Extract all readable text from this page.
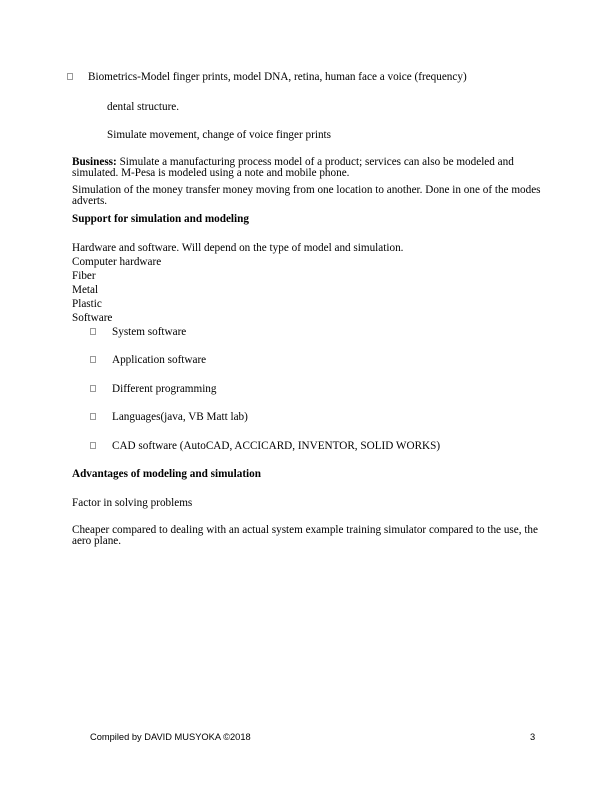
Biometrics-Model finger prints, model DNA, retina, human face a voice (frequency)
dental structure.
Simulate movement, change of voice finger prints
Business: Simulate a manufacturing process model of a product; services can also be modeled and simulated. M-Pesa is modeled using a note and mobile phone.
Simulation of the money transfer money moving from one location to another. Done in one of the modes adverts.
Support for simulation and modeling
Hardware and software. Will depend on the type of model and simulation.
Computer hardware
Fiber
Metal
Plastic
Software
System software
Application software
Different programming
Languages(java, VB Matt lab)
CAD software (AutoCAD, ACCICARD, INVENTOR, SOLID WORKS)
Advantages of modeling and simulation
Factor in solving problems
Cheaper compared to dealing with an actual system example training simulator compared to the use, the aero plane.
Compiled by DAVID MUSYOKA ©2018	3
